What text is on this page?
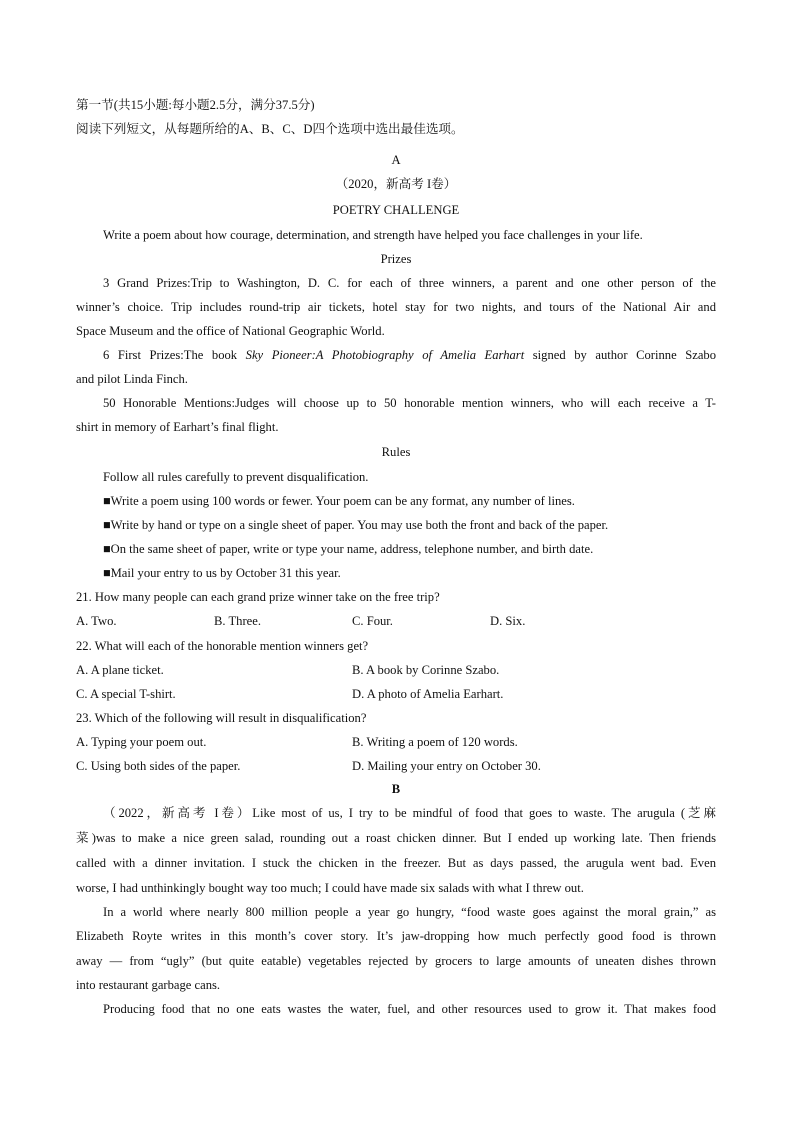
第一节(共15小题:每小题2.5分，满分37.5分)
阅读下列短文，从每题所给的A、B、C、D四个选项中选出最佳选项。
A
（2020，新高考 I卷）
POETRY CHALLENGE
Write a poem about how courage, determination, and strength have helped you face challenges in your life.
Prizes
3 Grand Prizes:Trip to Washington, D. C. for each of three winners, a parent and one other person of the
winner’s choice. Trip includes round-trip air tickets, hotel stay for two nights, and tours of the National Air and
Space Museum and the office of National Geographic World.
6 First Prizes:The book Sky Pioneer:A Photobiography of Amelia Earhart signed by author Corinne Szabo
and pilot Linda Finch.
50 Honorable Mentions:Judges will choose up to 50 honorable mention winners, who will each receive a T-
shirt in memory of Earhart’s final flight.
Rules
Follow all rules carefully to prevent disqualification.
■Write a poem using 100 words or fewer. Your poem can be any format, any number of lines.
■Write by hand or type on a single sheet of paper. You may use both the front and back of the paper.
■On the same sheet of paper, write or type your name, address, telephone number, and birth date.
■Mail your entry to us by October 31 this year.
21. How many people can each grand prize winner take on the free trip?
A. Two.	B. Three.	C. Four.	D. Six.
22. What will each of the honorable mention winners get?
A. A plane ticket.	B. A book by Corinne Szabo.
C. A special T-shirt.	D. A photo of Amelia Earhart.
23. Which of the following will result in disqualification?
A. Typing your poem out.	B. Writing a poem of 120 words.
C. Using both sides of the paper.	D. Mailing your entry on October 30.
B
（2022，新高考 I卷）Like most of us, I try to be mindful of food that goes to waste. The arugula (芝麻
菜)was to make a nice green salad, rounding out a roast chicken dinner. But I ended up working late. Then friends
called with a dinner invitation. I stuck the chicken in the freezer. But as days passed, the arugula went bad. Even
worse, I had unthinkingly bought way too much; I could have made six salads with what I threw out.
In a world where nearly 800 million people a year go hungry, “food waste goes against the moral grain,” as
Elizabeth Royte writes in this month’s cover story. It’s jaw-dropping how much perfectly good food is thrown
away — from “ugly” (but quite eatable) vegetables rejected by grocers to large amounts of uneaten dishes thrown
into restaurant garbage cans.
Producing food that no one eats wastes the water, fuel, and other resources used to grow it. That makes food
